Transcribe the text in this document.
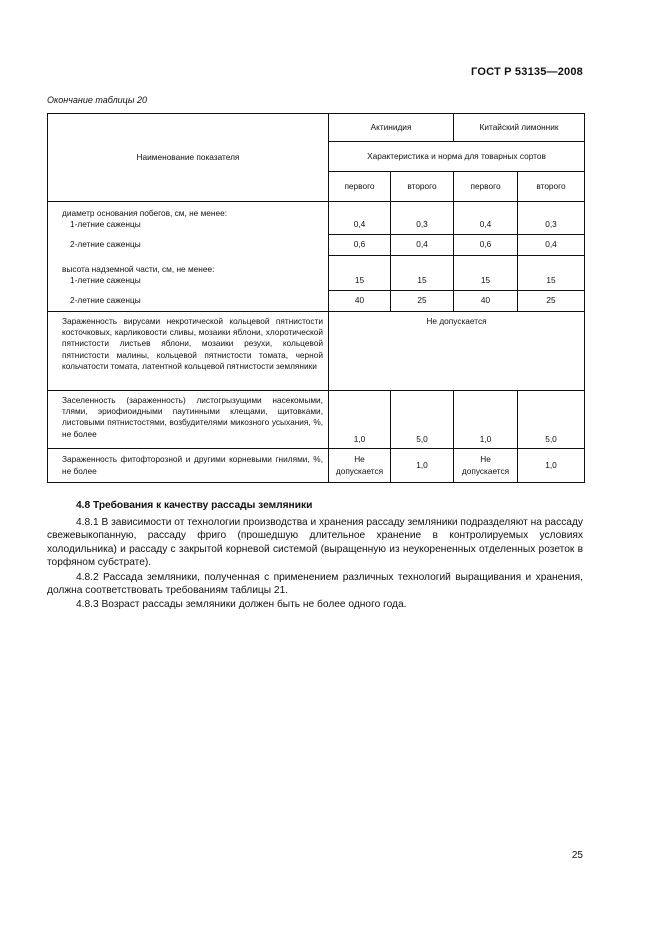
ГОСТ Р 53135—2008
Окончание таблицы 20
Наименование показателя	Актинидия		Китайский лимонник	
	Характеристика и норма для товарных сортов			
	первого	второго	первого	второго

диаметр основания побегов, см, не менее:
1-летние саженцы	0,4	0,3	0,4	0,3
2-летние саженцы	0,6	0,4	0,6	0,4

высота надземной части, см, не менее:
1-летние саженцы	15	15	15	15
2-летние саженцы	40	25	40	25
Зараженность вирусами некротической кольцевой пятнистости косточковых, карликовости сливы, мозаики яблони, хлоротической пятнистости листьев яблони, мозаики резухи, кольцевой пятнистости малины, кольцевой пятнистости томата, черной кольчатости томата, латентной кольцевой пятнистости земляники	Не допускается			
Заселенность (зараженность) листогрызущими насекомыми, тлями, эриофиоидными паутинными клещами, щитовками, листовыми пятнистостями, возбудителями микозного усыхания, %, не более	1,0	5,0	1,0	5,0
Зараженность фитофторозной и другими корневыми гнилями, %, не более	Не допускается	1,0	Не допускается	1,0
4.8 Требования к качеству рассады земляники
4.8.1 В зависимости от технологии производства и хранения рассаду земляники подразделяют на рассаду свежевыкопанную, рассаду фриго (прошедшую длительное хранение в контролируемых условиях холодильника) и рассаду с закрытой корневой системой (выращенную из неукорененных отделенных розеток в торфяном субстрате).
4.8.2 Рассада земляники, полученная с применением различных технологий выращивания и хранения, должна соответствовать требованиям таблицы 21.
4.8.3 Возраст рассады земляники должен быть не более одного года.
25
